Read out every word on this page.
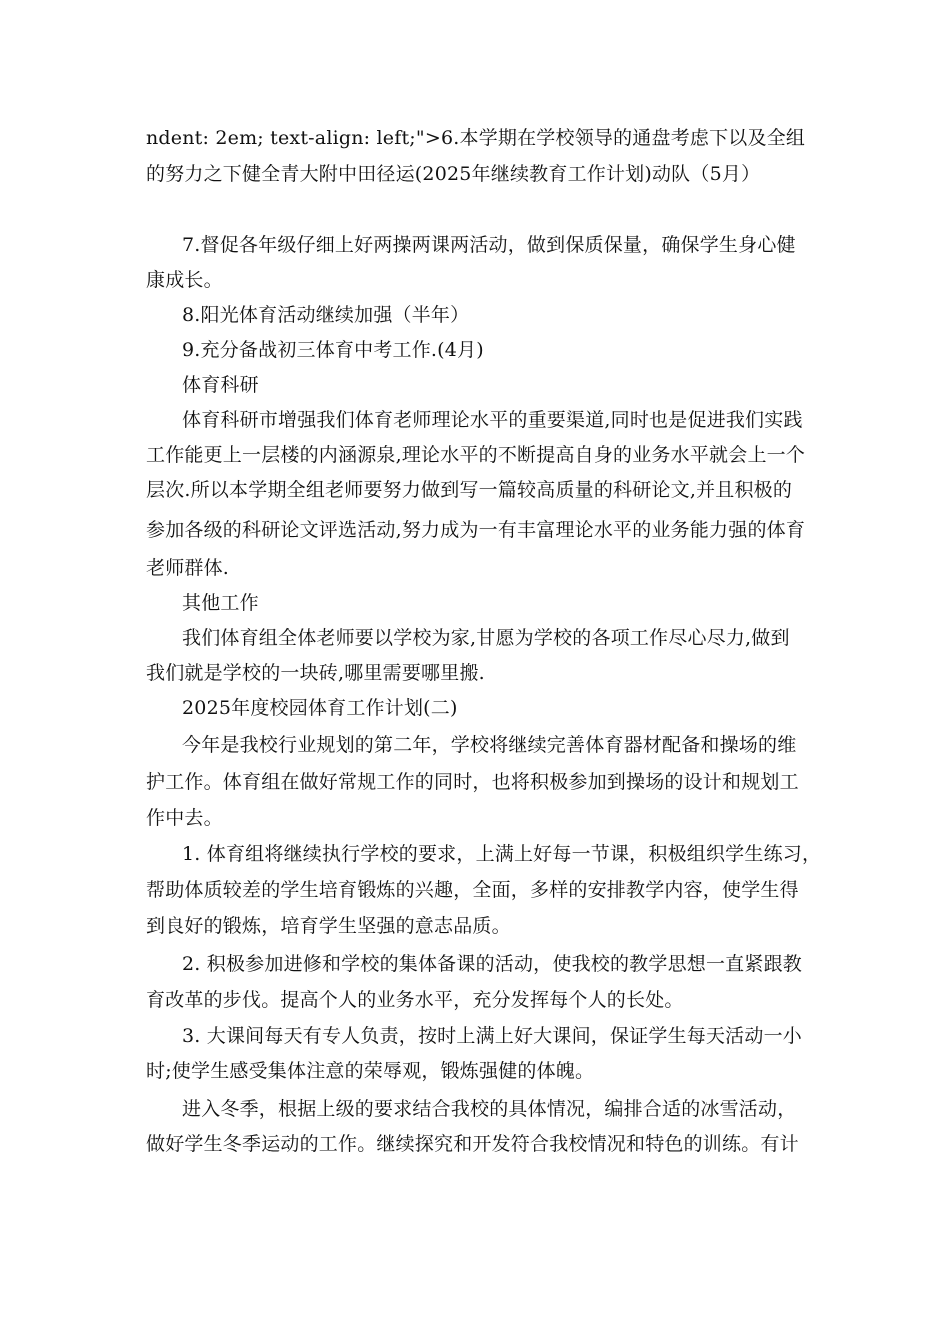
ndent: 2em; text-align: left;">6.本学期在学校领导的通盘考虑下以及全组
的努力之下健全青大附中田径运(2025年继续教育工作计划)动队（5月）
7.督促各年级仔细上好两操两课两活动，做到保质保量，确保学生身心健
康成长。
8.阳光体育活动继续加强（半年）
9.充分备战初三体育中考工作.(4月)
体育科研
体育科研市增强我们体育老师理论水平的重要渠道,同时也是促进我们实践
工作能更上一层楼的内涵源泉,理论水平的不断提高自身的业务水平就会上一个
层次.所以本学期全组老师要努力做到写一篇较高质量的科研论文,并且积极的
参加各级的科研论文评选活动,努力成为一有丰富理论水平的业务能力强的体育
老师群体.
其他工作
我们体育组全体老师要以学校为家,甘愿为学校的各项工作尽心尽力,做到
我们就是学校的一块砖,哪里需要哪里搬.
2025年度校园体育工作计划(二)
今年是我校行业规划的第二年，学校将继续完善体育器材配备和操场的维
护工作。体育组在做好常规工作的同时，也将积极参加到操场的设计和规划工
作中去。
1. 体育组将继续执行学校的要求，上满上好每一节课，积极组织学生练习，
帮助体质较差的学生培育锻炼的兴趣，全面，多样的安排教学内容，使学生得
到良好的锻炼，培育学生坚强的意志品质。
2. 积极参加进修和学校的集体备课的活动，使我校的教学思想一直紧跟教
育改革的步伐。提高个人的业务水平，充分发挥每个人的长处。
3. 大课间每天有专人负责，按时上满上好大课间，保证学生每天活动一小
时;使学生感受集体注意的荣辱观，锻炼强健的体魄。
进入冬季，根据上级的要求结合我校的具体情况，编排合适的冰雪活动，
做好学生冬季运动的工作。继续探究和开发符合我校情况和特色的训练。有计
